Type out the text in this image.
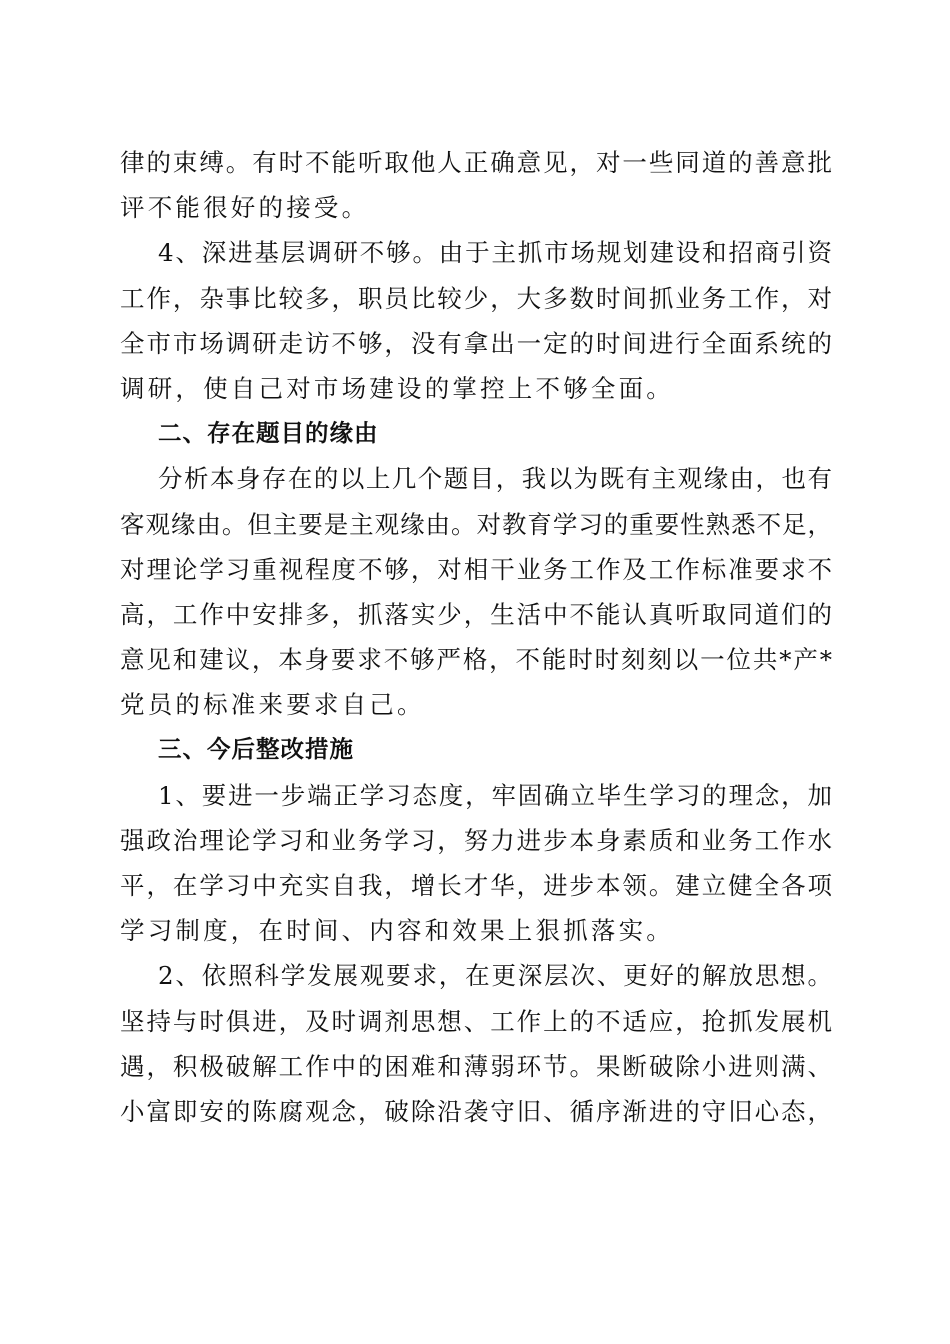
律的束缚。有时不能听取他人正确意见，对一些同道的善意批
评不能很好的接受。
4、深进基层调研不够。由于主抓市场规划建设和招商引资
工作，杂事比较多，职员比较少，大多数时间抓业务工作，对
全市市场调研走访不够，没有拿出一定的时间进行全面系统的
调研，使自己对市场建设的掌控上不够全面。
二、存在题目的缘由
分析本身存在的以上几个题目，我以为既有主观缘由，也有
客观缘由。但主要是主观缘由。对教育学习的重要性熟悉不足，
对理论学习重视程度不够，对相干业务工作及工作标准要求不
高，工作中安排多，抓落实少，生活中不能认真听取同道们的
意见和建议，本身要求不够严格，不能时时刻刻以一位共*产*
党员的标准来要求自己。
三、今后整改措施
1、要进一步端正学习态度，牢固确立毕生学习的理念，加
强政治理论学习和业务学习，努力进步本身素质和业务工作水
平，在学习中充实自我，增长才华，进步本领。建立健全各项
学习制度，在时间、内容和效果上狠抓落实。
2、依照科学发展观要求，在更深层次、更好的解放思想。
坚持与时俱进，及时调剂思想、工作上的不适应，抢抓发展机
遇，积极破解工作中的困难和薄弱环节。果断破除小进则满、
小富即安的陈腐观念，破除沿袭守旧、循序渐进的守旧心态，
